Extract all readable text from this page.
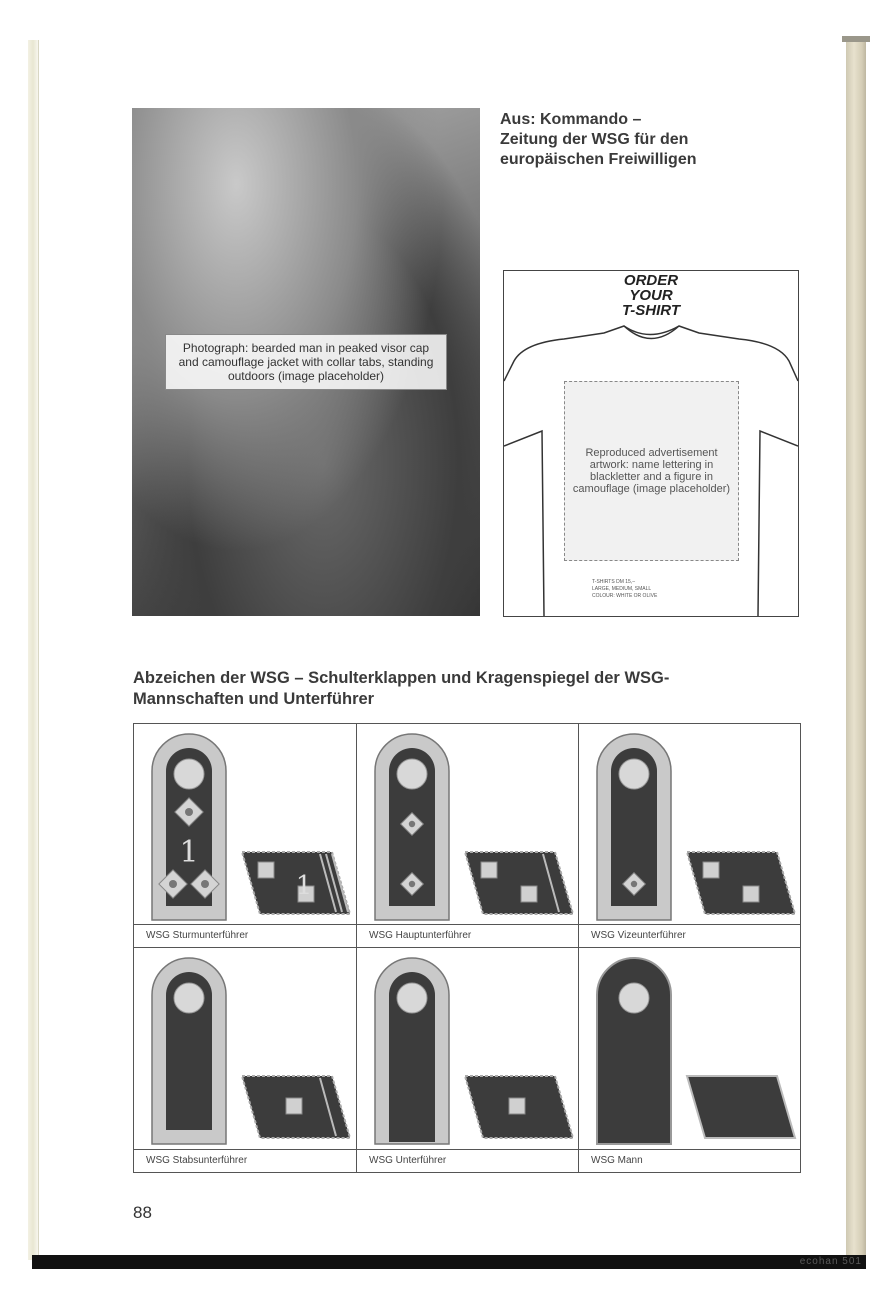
Photograph: bearded man in peaked visor cap and camouflage jacket with collar tabs, standing outdoors (image placeholder)
Aus: Kommando –
Zeitung der WSG für den
europäischen Freiwilligen
ORDER
YOUR
T-SHIRT
Reproduced advertisement artwork: name lettering in blackletter and a figure in camouflage (image placeholder)
T-SHIRTS DM 15,–
LARGE, MEDIUM, SMALL
COLOUR: WHITE OR OLIVE
Abzeichen der WSG – Schulterklappen und Kragenspiegel der WSG-
Mannschaften und Unterführer
1
1
WSG Sturmunterführer	WSG Hauptunterführer	WSG Vizeunterführer
WSG Stabsunterführer	WSG Unterführer	WSG Mann
88
ecohan 501
